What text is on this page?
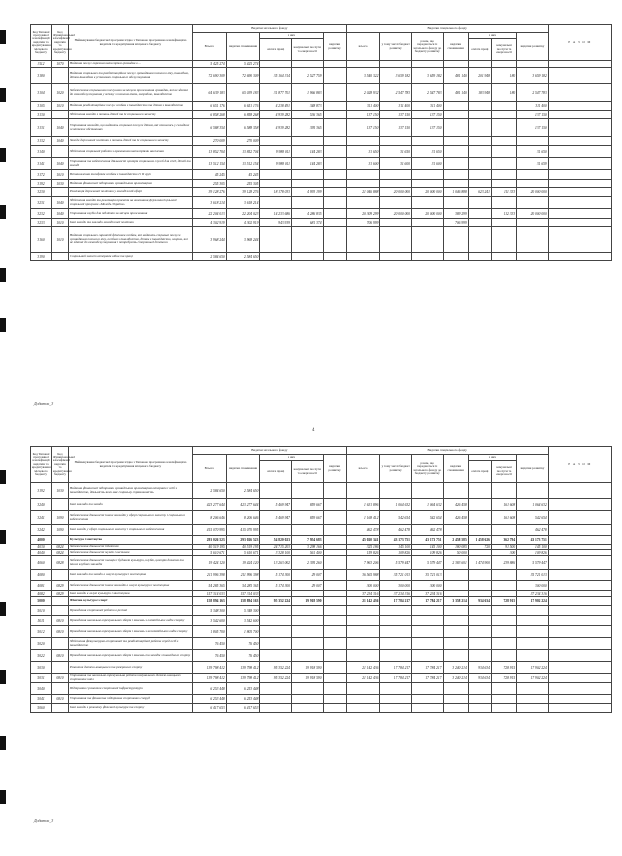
Код Типової програмної класифікації видатків та кредитування місцевого бюджету	Код Функціональної класифікації видатків та кредитування бюджету	Найменування бюджетної програми згідно з Типовою програмною класифікацією видатків та кредитування місцевого бюджету	Видатки загального фонду					Видатки спеціального фонду							Р А З О М
			Всього	видатки споживання	з них		видатки розвитку	всього	у тому числі бюджет розвитку	разом, що передаються із загального фонду до бюджету розвитку	видатки споживання	з них		видатки розвитку	
					оплата праці	комунальні послуги та енергоносії						оплата праці	комунальні послуги та енергоносії		

3112	1070	Надання послуг окремим категоріям громадян в ...	5 425 274	5 425 274											
3180		Надання соціальних та реабілітаційних послуг громадянам похилого віку, інвалідам, дітям-інвалідам в установах соціального обслуговування	72 690 309	72 690 309	35 164 314	2 527 759		3 540 322	3 659 182	3 659 182	481 140	201 948	180	3 659 182	
3104	1020	Забезпечення соціальними послугами за місцем проживання громадян, які не здатні до самообслуговування у зв'язку з похилим віком, хворобою, інвалідністю	64 639 183	65 039 183	31 877 701	1 966 883		2 028 932	2 547 783	2 547 783	481 140	183 948	180	2 547 783	
3105	1010	Надання реабілітаційних послуг особам з інвалідністю та дітям з інвалідністю	6 651 176	6 651 176	4 238 491	348 873		311 400	311 400	311 400				311 400	
3130		Здійснення заходів з питань дітей та їх соціального захисту	6 858 268	6 858 268	4 939 282	536 365		137 150	137 150	137 150				137 150	
3131	1040	Утримання закладів, що надають соціальні послуги дітям, які опинились у складних життєвих обставинах	6 588 354	6 588 358	4 939 282	395 365		137 150	137 150	137 150				137 150	
3132	1040	Заходи державної політики з питань дітей та їх соціального захисту	270 009	270 009											
3140		Здійснення соціальної роботи з вразливими категоріями населення	13 852 704	13 852 704	9 988 011	144 283		31 650	31 650	31 650				31 650	
3141	1040	Утримання та забезпечення діяльності центрів соціальних служб для сім'ї, дітей та молоді	13 512 154	13 512 154	9 988 011	144 283		31 600	31 600	31 600				31 659	
3172	1010	Встановлення телефонів особам з інвалідністю I і II груп	45 245	45 245											
3192	1030	Надання фінансової підтримки громадським організаціям	255 305	255 305											
3230		Реалізація державної політики у молодіжній сфері	39 128 276	39 128 276	18 178 033	4 993 199		21 046 888	20 000 000	20 000 000	1 046 888	623 241	111 333	20 000 000	
3231	1040	Здійснення заходів та реалізація проектів на виконання Державної цільової соціальної програми «Молодь України»	3 618 214	3 618 214											
3232	1040	Утримання клубів для підлітків за місцем проживання	22 204 013	22 204 023	14 233 686	4 286 835		20 309 299	20 000 000	20 000 000	389 299		112 333	20 000 000	
3233	1010	Інші заходи та заклади молодіжної політики	4 302 919	4 302 919	943 939	681 374		706 999			706 999				
3160	1010	Надання соціальних гарантій фізичним особам, які надають соціальні послуги громадянам похилого віку, особам з інвалідністю, дітям з інвалідністю, хворим, які не здатні до самообслуговування і потребують сторонньої допомоги	3 968 244	3 968 244											
3190		Соціальний захист ветеранів війни та праці	2 584 650	2 584 650											
Додаток_3
4
Код Типової програмної класифікації видатків та кредитування місцевого бюджету	Код Функціональної класифікації видатків та кредитування бюджету	Найменування бюджетної програми згідно з Типовою програмною класифікацією видатків та кредитування місцевого бюджету	Видатки загального фонду					Видатки спеціального фонду							Р А З О М
			Всього	видатки споживання	з них		видатки розвитку	всього	у тому числі бюджет розвитку	разом, що передаються із загального фонду до бюджету розвитку	видатки споживання	з них		видатки розвитку	
					оплата праці	комунальні послуги та енергоносії						оплата праці	комунальні послуги та енергоносії		

3192	1030	Надання фінансової підтримки громадським організаціям ветеранів і осіб з інвалідністю, діяльність яких має соціальну спрямованість	2 584 650	2 584 650											
3240		Інші заклади та заходи	423 277 644	423 277 644	5 469 947	859 667		1 631 896	1 064 632	1 064 632	426 458		161 608	1 064 632	
3241	1090	Забезпечення діяльності інших закладів у сфері соціального захисту і соціального забезпечення	8 206 646	8 206 646	5 469 947	859 667		1 168 412	542 654	542 654	426 458		161 608	542 654	
3242	1090	Інші заходи у сфері соціального захисту і соціального забезпечення	415 070 995	415 070 995				462 478	462 478	462 478				462 478	
4000		Культура і мистецтво	293 026 523	293 026 523	54 820 023	7 954 683		45 020 341	43 173 751	43 173 751	2 458 585	1 458 626	362 794	43 173 751	
4030	0824	Забезпечення діяльності бібліотек	40 519 195	40 519 195	24 715 203	3 298 166		325 186	145 100	145 100	180 085	720	91 500	145 100	
4040	0824	Забезпечення діяльності музеїв і виставок	5 610 671	5 610 671	3 328 100	561 400		159 826	109 826	109 826	50 000		300	109 826	
4060	0828	Забезпечення діяльності палаців i будинків культури, клубів, центрів дозвілля та інших клубних закладів	19 424 120	19 424 120	13 263 002	2 395 260		7 963 206	5 579 447	5 579 447	2 383 601	1 474 900	239 886	5 579 447	
4080		Інші заклади та заходи в галузі культури і мистецтва	211 996 398	211 996 398	5 174 300	29 007		36 565 988	35 721 013	35 721 013				35 721 013	
4081	0829	Забезпечення діяльності інших закладів в галузі культури і мистецтва	54 285 365	54 285 365	5 174 300	29 007		300 000	300 000	300 000				300 000	
4082	0829	Інші заходи в галузі культури і мистецтва	157 314 033	157 314 033				37 234 316	37 234 316	37 234 316				37 234 316	
5000		Фізична культура і спорт	158 894 163	158 894 163	95 352 224	19 918 590		21 142 436	17 784 217	17 784 217	3 358 214	934 634	728 915	17 902 224	
5010		Проведення спортивної роботи в регіоні	5 348 300	5 348 300											
5011	0810	Проведення навчально-тренувальних зборів і змагань з олімпійських видів спорту	3 542 600	3 542 600											
5012	0810	Проведення навчально-тренувальних зборів і змагань з неолімпійських видів спорту	1 805 700	1 805 700											
5020		Здійснення фізкультурно-спортивної та реабілітаційної роботи серед осіб з інвалідністю	76 450	76 450											
5022	0810	Проведення навчально-тренувальних зборів і змагань та заходів з інвалідного спорту	76 450	76 450											
5030		Розвиток дитячо-юнацького та резервного спорту	139 798 412	139 798 412	95 352 224	19 918 590		21 142 436	17 784 217	17 784 217	3 240 214	934 634	728 915	17 902 224	
5031	0810	Утримання та навчально-тренувальна робота комунальних дитячо-юнацьких спортивних шкіл	139 798 412	139 798 412	95 352 224	19 918 590		21 142 436	17 784 217	17 784 217	3 240 214	934 634	728 915	17 902 224	
5040		Підтримка і розвиток спортивної інфраструктури	6 253 448	6 253 448											
5041	0810	Утримання та фінансова підтримка спортивних споруд	6 253 448	6 253 448											
5060		Інші заходи з розвитку фізичної культури та спорту	6 417 653	6 417 653											
Додаток_3
